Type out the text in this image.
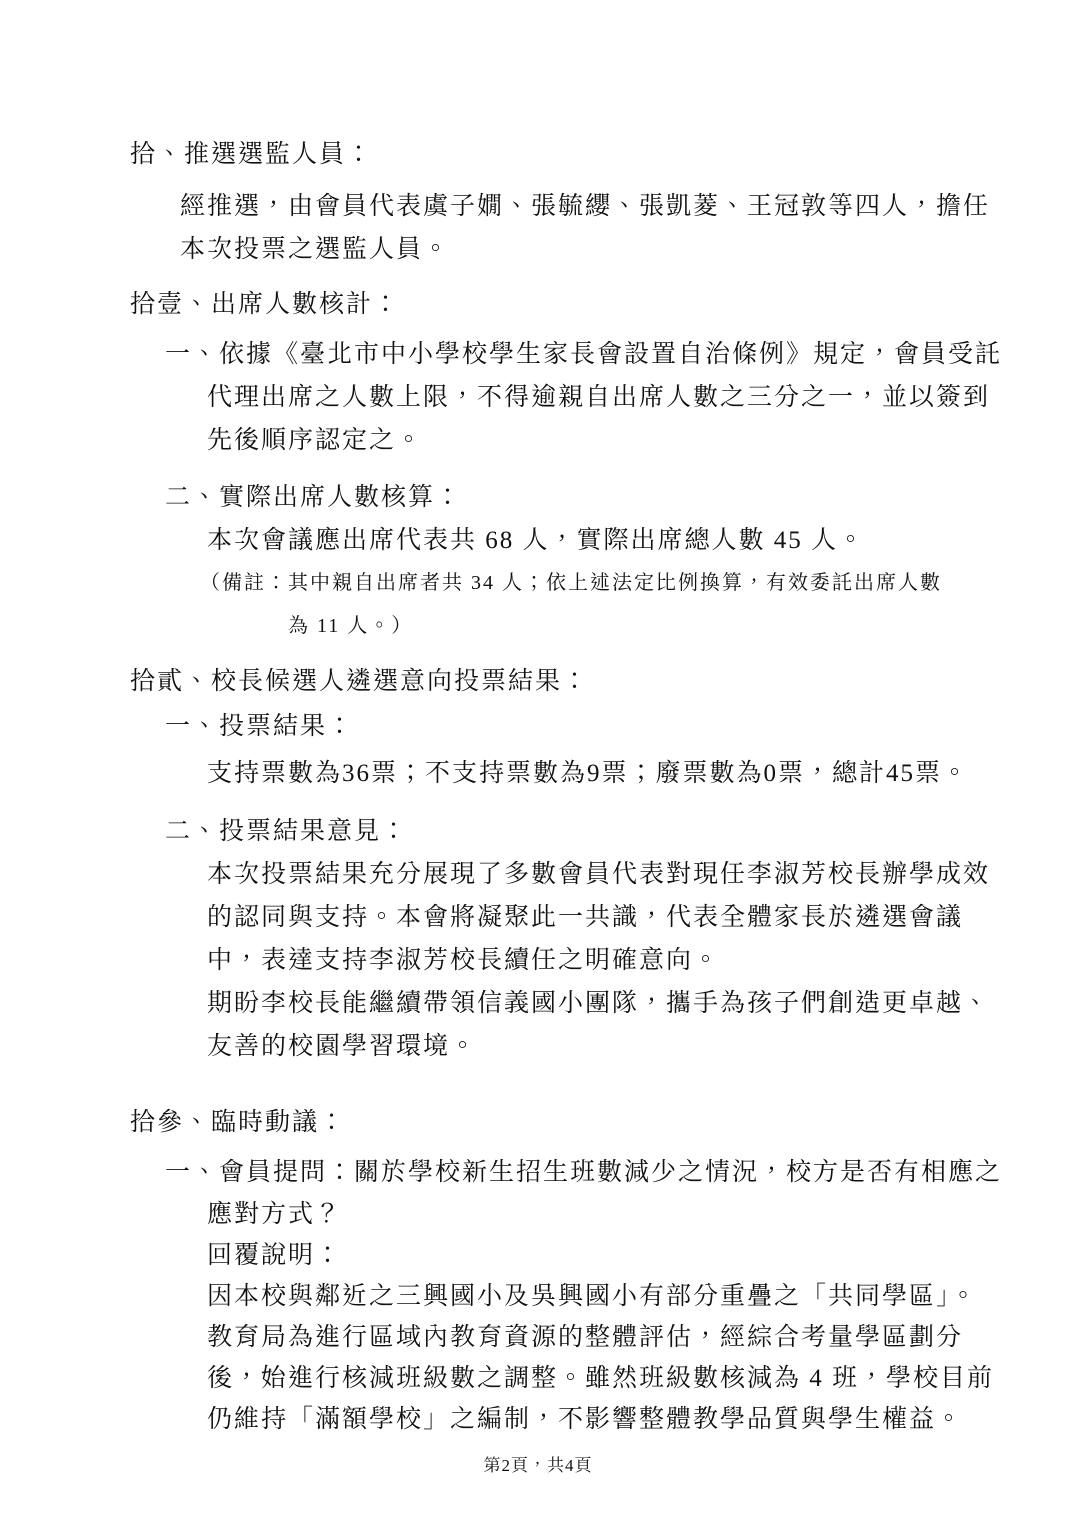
拾、推選選監人員：
經推選，由會員代表虞子嫺、張毓纓、張凱菱、王冠敦等四人，擔任
本次投票之選監人員。
拾壹、出席人數核計：
一、依據《臺北市中小學校學生家長會設置自治條例》規定，會員受託
代理出席之人數上限，不得逾親自出席人數之三分之一，並以簽到
先後順序認定之。
二、實際出席人數核算：
本次會議應出席代表共 68 人，實際出席總人數 45 人。
（備註：其中親自出席者共 34 人；依上述法定比例換算，有效委託出席人數
為 11 人。）
拾貳、校長候選人遴選意向投票結果：
一、投票結果：
支持票數為36票；不支持票數為9票；廢票數為0票，總計45票。
二、投票結果意見：
本次投票結果充分展現了多數會員代表對現任李淑芳校長辦學成效
的認同與支持。本會將凝聚此一共識，代表全體家長於遴選會議
中，表達支持李淑芳校長續任之明確意向。
期盼李校長能繼續帶領信義國小團隊，攜手為孩子們創造更卓越、
友善的校園學習環境。
拾參、臨時動議：
一、會員提問：關於學校新生招生班數減少之情況，校方是否有相應之
應對方式？
回覆說明：
因本校與鄰近之三興國小及吳興國小有部分重疊之「共同學區」。
教育局為進行區域內教育資源的整體評估，經綜合考量學區劃分
後，始進行核減班級數之調整。雖然班級數核減為 4 班，學校目前
仍維持「滿額學校」之編制，不影響整體教學品質與學生權益。
第2頁，共4頁
